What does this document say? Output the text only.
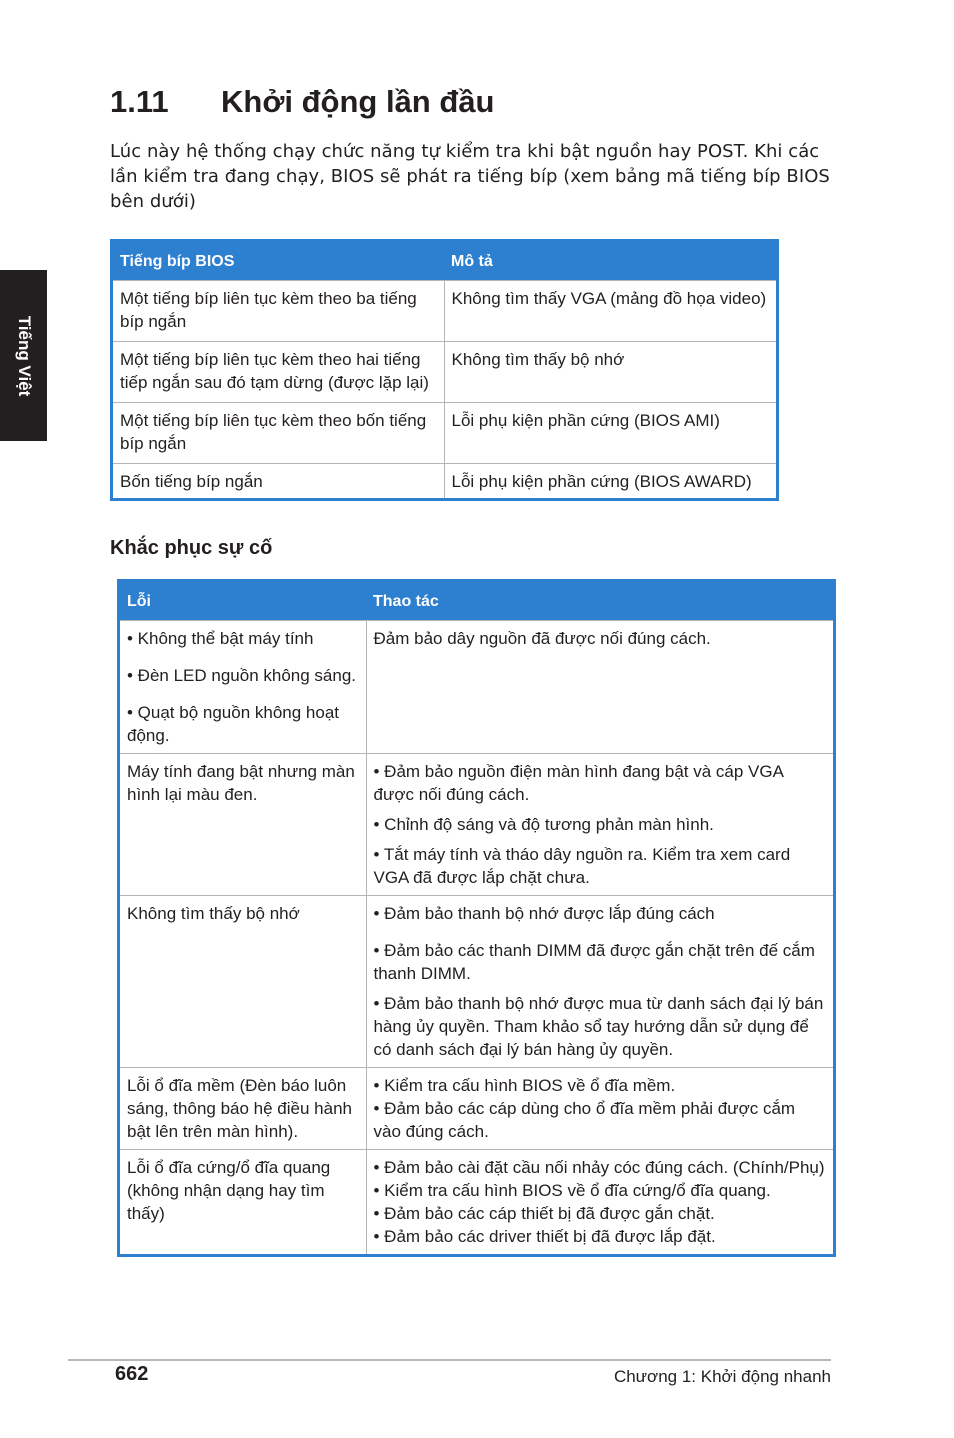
Tiếng Việt
1.11 Khởi động lần đầu

Lúc này hệ thống chạy chức năng tự kiểm tra khi bật nguồn hay POST. Khi các lần kiểm tra đang chạy, BIOS sẽ phát ra tiếng bíp (xem bảng mã tiếng bíp BIOS bên dưới)

Tiếng bíp BIOS	Mô tả
Một tiếng bíp liên tục kèm theo ba tiếng bíp ngắn	Không tìm thấy VGA (mảng đồ họa video)
Một tiếng bíp liên tục kèm theo hai tiếng tiếp ngắn sau đó tạm dừng (được lặp lại)	Không tìm thấy bộ nhớ
Một tiếng bíp liên tục kèm theo bốn tiếng bíp ngắn	Lỗi phụ kiện phần cứng (BIOS AMI)
Bốn tiếng bíp ngắn	Lỗi phụ kiện phần cứng (BIOS AWARD)
Khắc phục sự cố
Lỗi	Thao tác

• Không thể bật máy tính

• Đèn LED nguồn không sáng.

• Quạt bộ nguồn không hoạt động.	Đảm bảo dây nguồn đã được nối đúng cách.

Máy tính đang bật nhưng màn hình lại màu đen.	• Đảm bảo nguồn điện màn hình đang bật và cáp VGA được nối đúng cách.

• Chỉnh độ sáng và độ tương phản màn hình.

• Tắt máy tính và tháo dây nguồn ra. Kiểm tra xem card VGA đã được lắp chặt chưa.

Không tìm thấy bộ nhớ	• Đảm bảo thanh bộ nhớ được lắp đúng cách

• Đảm bảo các thanh DIMM đã được gắn chặt trên đế cắm thanh DIMM.

• Đảm bảo thanh bộ nhớ được mua từ danh sách đại lý bán hàng ủy quyền. Tham khảo sổ tay hướng dẫn sử dụng để có danh sách đại lý bán hàng ủy quyền.

Lỗi ổ đĩa mềm (Đèn báo luôn sáng, thông báo hệ điều hành bật lên trên màn hình).	• Kiểm tra cấu hình BIOS về ổ đĩa mềm.

• Đảm bảo các cáp dùng cho ổ đĩa mềm phải được cắm vào đúng cách.

Lỗi ổ đĩa cứng/ổ đĩa quang (không nhận dạng hay tìm thấy)	• Đảm bảo cài đặt cầu nối nhảy cóc đúng cách. (Chính/Phụ)

• Kiểm tra cấu hình BIOS về ổ đĩa cứng/ổ đĩa quang.

• Đảm bảo các cáp thiết bị đã được gắn chặt.

• Đảm bảo các driver thiết bị đã được lắp đặt.

662	Chương 1: Khởi động nhanh
